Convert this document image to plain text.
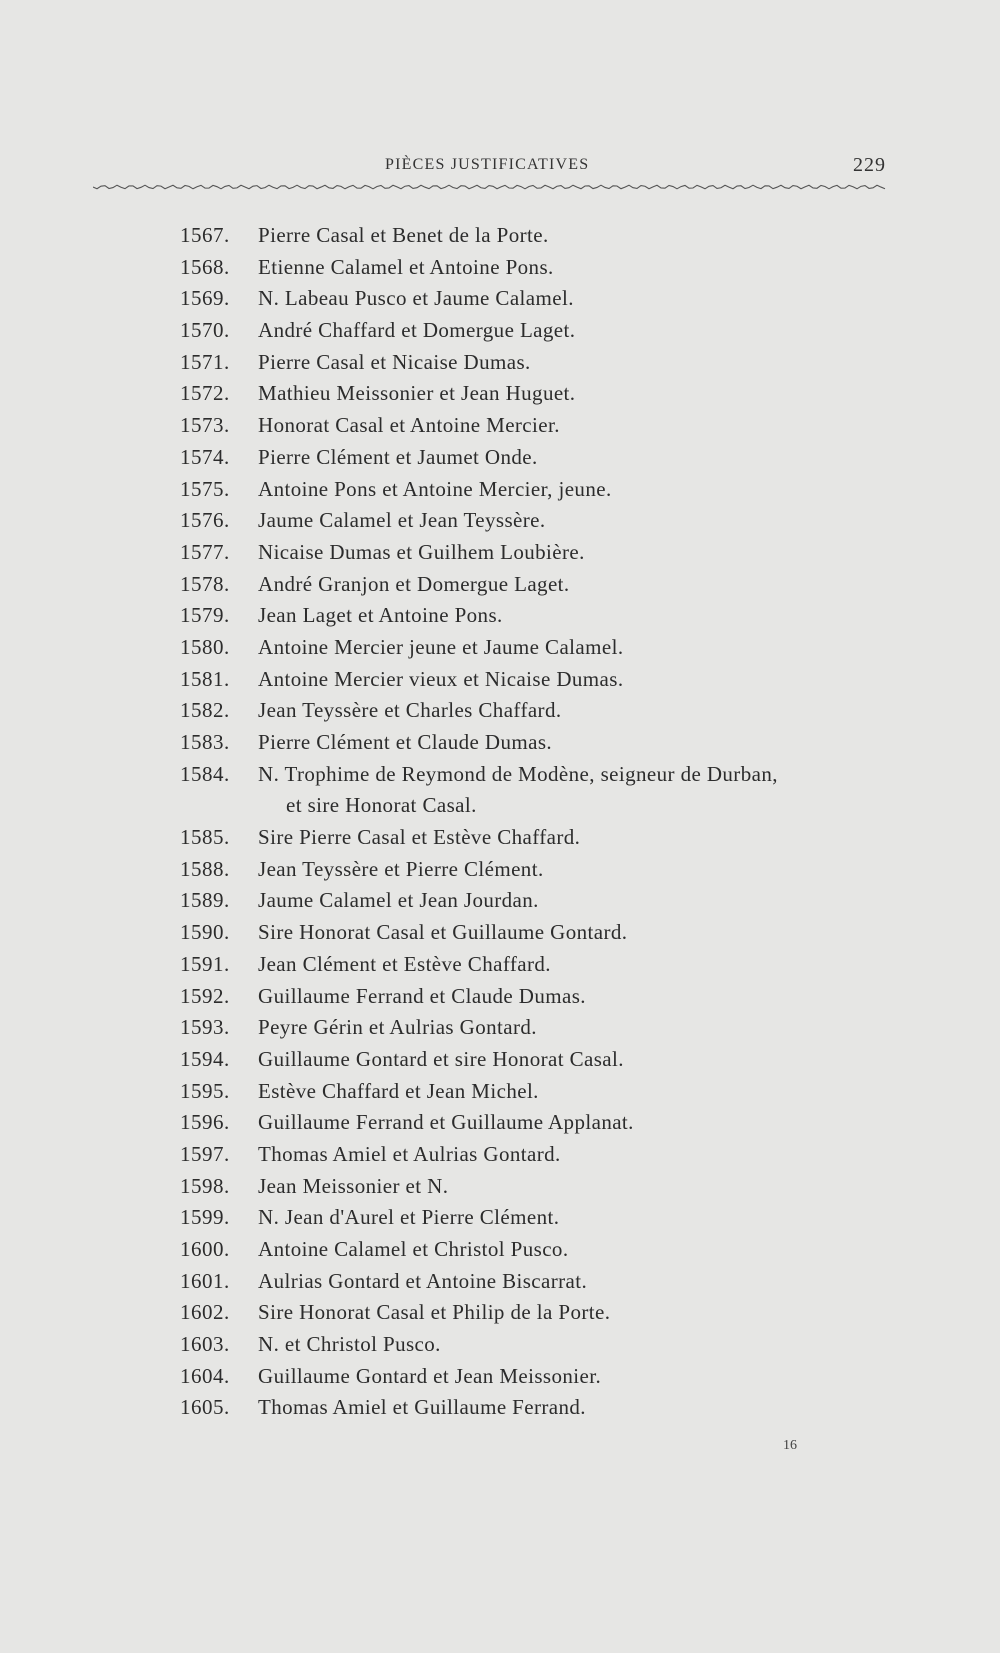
PIÈCES JUSTIFICATIVES	229
1567.	Pierre Casal et Benet de la Porte.
1568.	Etienne Calamel et Antoine Pons.
1569.	N. Labeau Pusco et Jaume Calamel.
1570.	André Chaffard et Domergue Laget.
1571.	Pierre Casal et Nicaise Dumas.
1572.	Mathieu Meissonier et Jean Huguet.
1573.	Honorat Casal et Antoine Mercier.
1574.	Pierre Clément et Jaumet Onde.
1575.	Antoine Pons et Antoine Mercier, jeune.
1576.	Jaume Calamel et Jean Teyssère.
1577.	Nicaise Dumas et Guilhem Loubière.
1578.	André Granjon et Domergue Laget.
1579.	Jean Laget et Antoine Pons.
1580.	Antoine Mercier jeune et Jaume Calamel.
1581.	Antoine Mercier vieux et Nicaise Dumas.
1582.	Jean Teyssère et Charles Chaffard.
1583.	Pierre Clément et Claude Dumas.
1584.	N. Trophime de Reymond de Modène, seigneur de Durban,
et sire Honorat Casal.
1585.	Sire Pierre Casal et Estève Chaffard.
1588.	Jean Teyssère et Pierre Clément.
1589.	Jaume Calamel et Jean Jourdan.
1590.	Sire Honorat Casal et Guillaume Gontard.
1591.	Jean Clément et Estève Chaffard.
1592.	Guillaume Ferrand et Claude Dumas.
1593.	Peyre Gérin et Aulrias Gontard.
1594.	Guillaume Gontard et sire Honorat Casal.
1595.	Estève Chaffard et Jean Michel.
1596.	Guillaume Ferrand et Guillaume Applanat.
1597.	Thomas Amiel et Aulrias Gontard.
1598.	Jean Meissonier et N.
1599.	N. Jean d'Aurel et Pierre Clément.
1600.	Antoine Calamel et Christol Pusco.
1601.	Aulrias Gontard et Antoine Biscarrat.
1602.	Sire Honorat Casal et Philip de la Porte.
1603.	N. et Christol Pusco.
1604.	Guillaume Gontard et Jean Meissonier.
1605.	Thomas Amiel et Guillaume Ferrand.
16
